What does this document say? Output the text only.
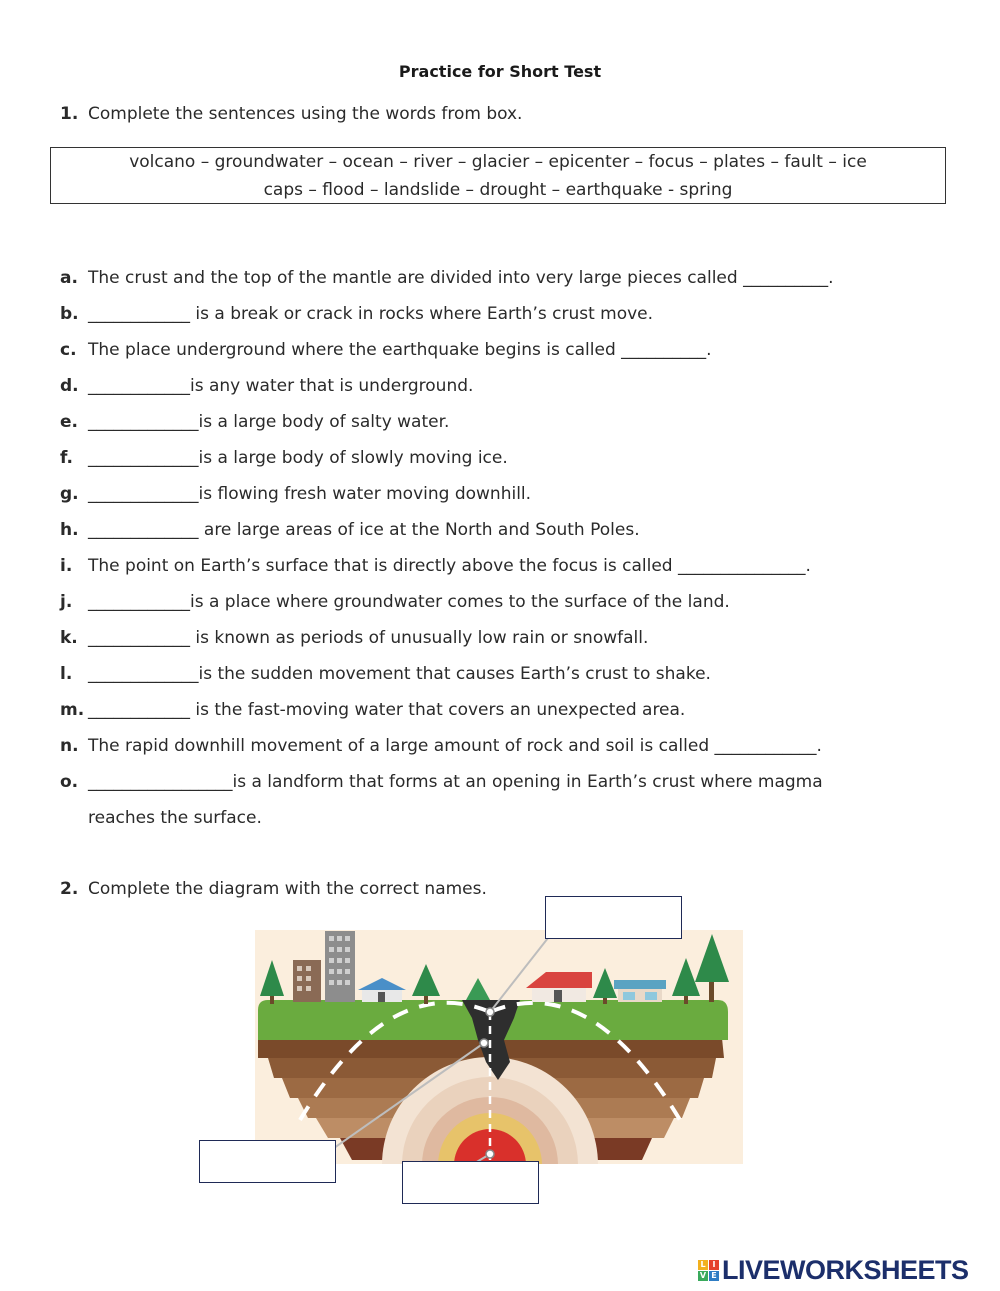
Practice for Short Test
1. Complete the sentences using the words from box.
volcano – groundwater – ocean – river – glacier – epicenter – focus – plates – fault – ice
caps – flood – landslide – drought – earthquake - spring
a. The crust and the top of the mantle are divided into very large pieces called __________.
b. ____________ is a break or crack in rocks where Earth’s crust move.
c. The place underground where the earthquake begins is called __________.
d. ____________is any water that is underground.
e. _____________is a large body of salty water.
f. _____________is a large body of slowly moving ice.
g. _____________is flowing fresh water moving downhill.
h. _____________ are large areas of ice at the North and South Poles.
i. The point on Earth’s surface that is directly above the focus is called _______________.
j. ____________is a place where groundwater comes to the surface of the land.
k. ____________ is known as periods of unusually low rain or snowfall.
l. _____________is the sudden movement that causes Earth’s crust to shake.
m. ____________ is the fast-moving water that covers an unexpected area.
n. The rapid downhill movement of a large amount of rock and soil is called ____________.
o. _________________is a landform that forms at an opening in Earth’s crust where magma
reaches the surface.
2. Complete the diagram with the correct names.
L I
V E LIVEWORKSHEETS
